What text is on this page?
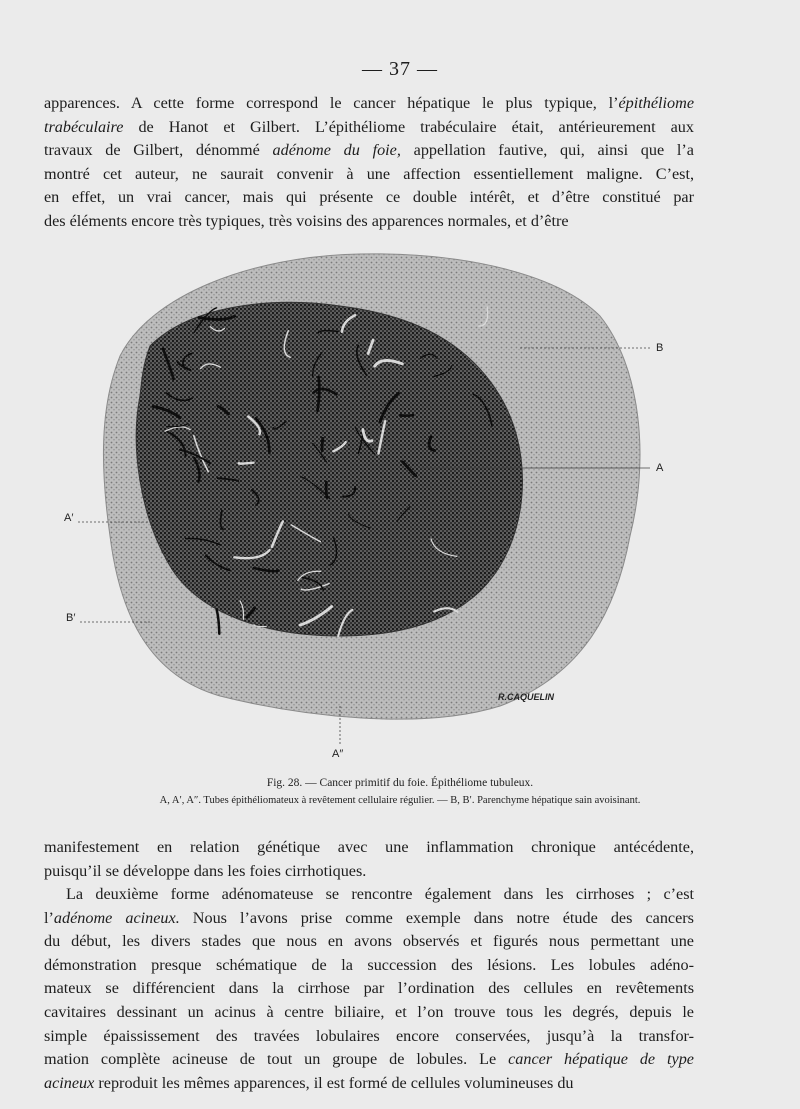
— 37 —

apparences. A cette forme correspond le cancer hépatique le plus typique, l’épithéliome
trabéculaire de Hanot et Gilbert. L’épithéliome trabéculaire était, antérieurement aux
travaux de Gilbert, dénommé adénome du foie, appellation fautive, qui, ainsi que l’a
montré cet auteur, ne saurait convenir à une affection essentiellement maligne. C’est,
en effet, un vrai cancer, mais qui présente ce double intérêt, et d’être constitué par
des éléments encore très typiques, très voisins des apparences normales, et d’être

B
A
A′
B′
A″
R.CAQUELIN
Fig. 28. — Cancer primitif du foie. Épithéliome tubuleux.
A, A′, A″. Tubes épithéliomateux à revêtement cellulaire régulier. — B, B′. Parenchyme hépatique sain avoisinant.

manifestement en relation génétique avec une inflammation chronique antécédente,
puisqu’il se développe dans les foies cirrhotiques.

La deuxième forme adénomateuse se rencontre également dans les cirrhoses ; c’est
l’adénome acineux. Nous l’avons prise comme exemple dans notre étude des cancers
du début, les divers stades que nous en avons observés et figurés nous permettant une
démonstration presque schématique de la succession des lésions. Les lobules adéno-
mateux se différencient dans la cirrhose par l’ordination des cellules en revêtements
cavitaires dessinant un acinus à centre biliaire, et l’on trouve tous les degrés, depuis le
simple épaississement des travées lobulaires encore conservées, jusqu’à la transfor-
mation complète acineuse de tout un groupe de lobules. Le cancer hépatique de type
acineux reproduit les mêmes apparences, il est formé de cellules volumineuses du
